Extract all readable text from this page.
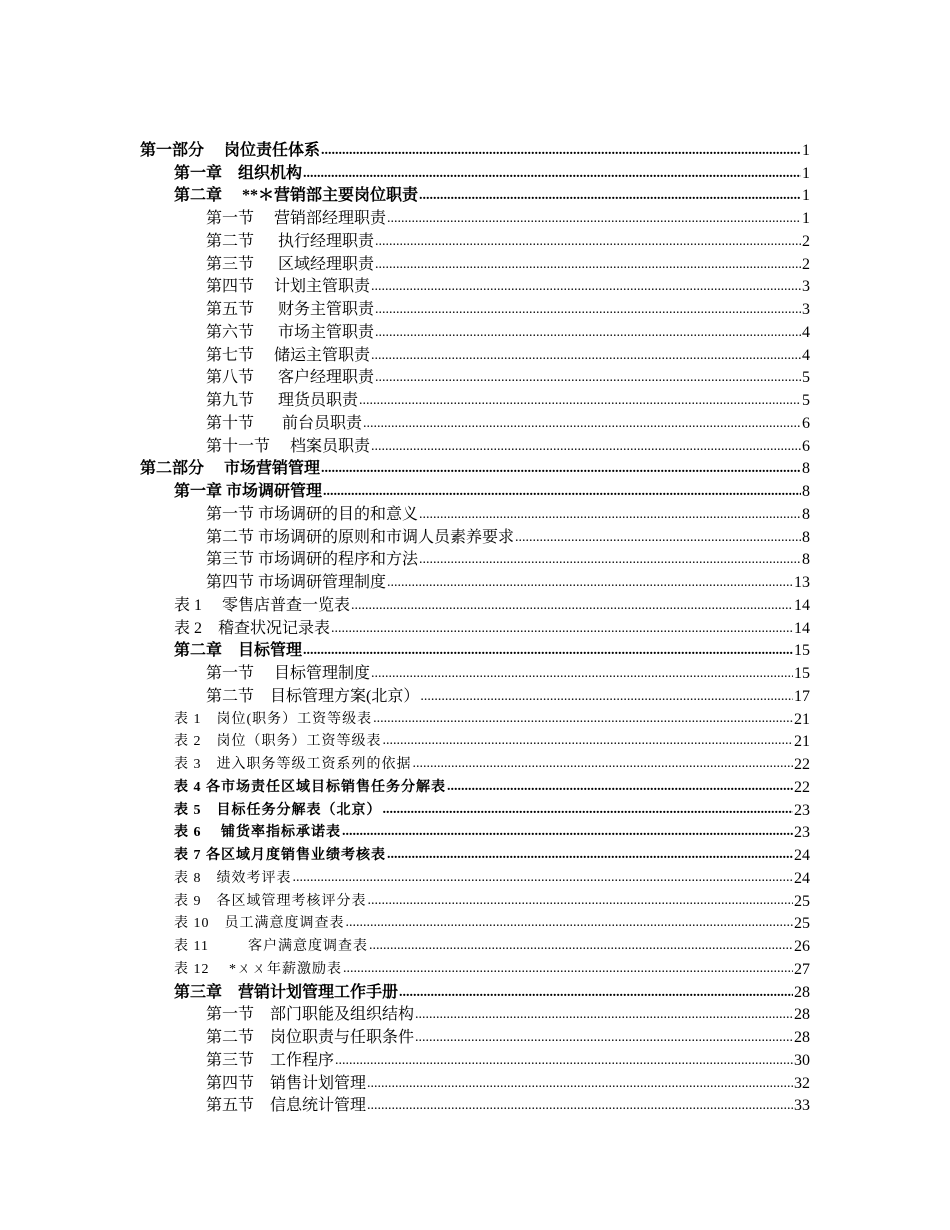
第一部分　 岗位责任体系 .....	1
第一章　组织机构 .....	1
第二章　 **＊营销部主要岗位职责 .....	1
第一节　 营销部经理职责 .....	1
第二节　  执行经理职责 .....	2
第三节　  区域经理职责 .....	2
第四节　 计划主管职责 .....	3
第五节　  财务主管职责 .....	3
第六节　  市场主管职责 .....	4
第七节　 储运主管职责 .....	4
第八节　  客户经理职责 .....	5
第九节　  理货员职责 .....	5
第十节　   前台员职责 .....	6
第十一节　 档案员职责 .....	6
第二部分　 市场营销管理 .....	8
第一章 市场调研管理 .....	8
第一节 市场调研的目的和意义 .....	8
第二节 市场调研的原则和市调人员素养要求 .....	8
第三节 市场调研的程序和方法 .....	8
第四节 市场调研管理制度 .....	13
表 1　 零售店普查一览表 .....	14
表 2　稽查状况记录表 .....	14
第二章　目标管理 .....	15
第一节　 目标管理制度 .....	15
第二节　目标管理方案(北京） .....	17
表 1　岗位(职务）工资等级表 .....	21
表 2　岗位（职务）工资等级表 .....	21
表 3　进入职务等级工资系列的依据 .....	22
表 4 各市场责任区域目标销售任务分解表 .....	22
表 5　目标任务分解表（北京） .....	23
表 6　 铺货率指标承诺表 .....	23
表 7 各区域月度销售业绩考核表 .....	24
表 8　绩效考评表 .....	24
表 9　各区域管理考核评分表 .....	25
表 10　员工满意度调查表 .....	25
表 11　　  客户满意度调查表 .....	26
表 12　 *ㄨㄨ年薪激励表 .....	27
第三章　营销计划管理工作手册 .....	28
第一节　部门职能及组织结构 .....	28
第二节　岗位职责与任职条件 .....	28
第三节　工作程序 .....	30
第四节　销售计划管理 .....	32
第五节　信息统计管理 .....	33
